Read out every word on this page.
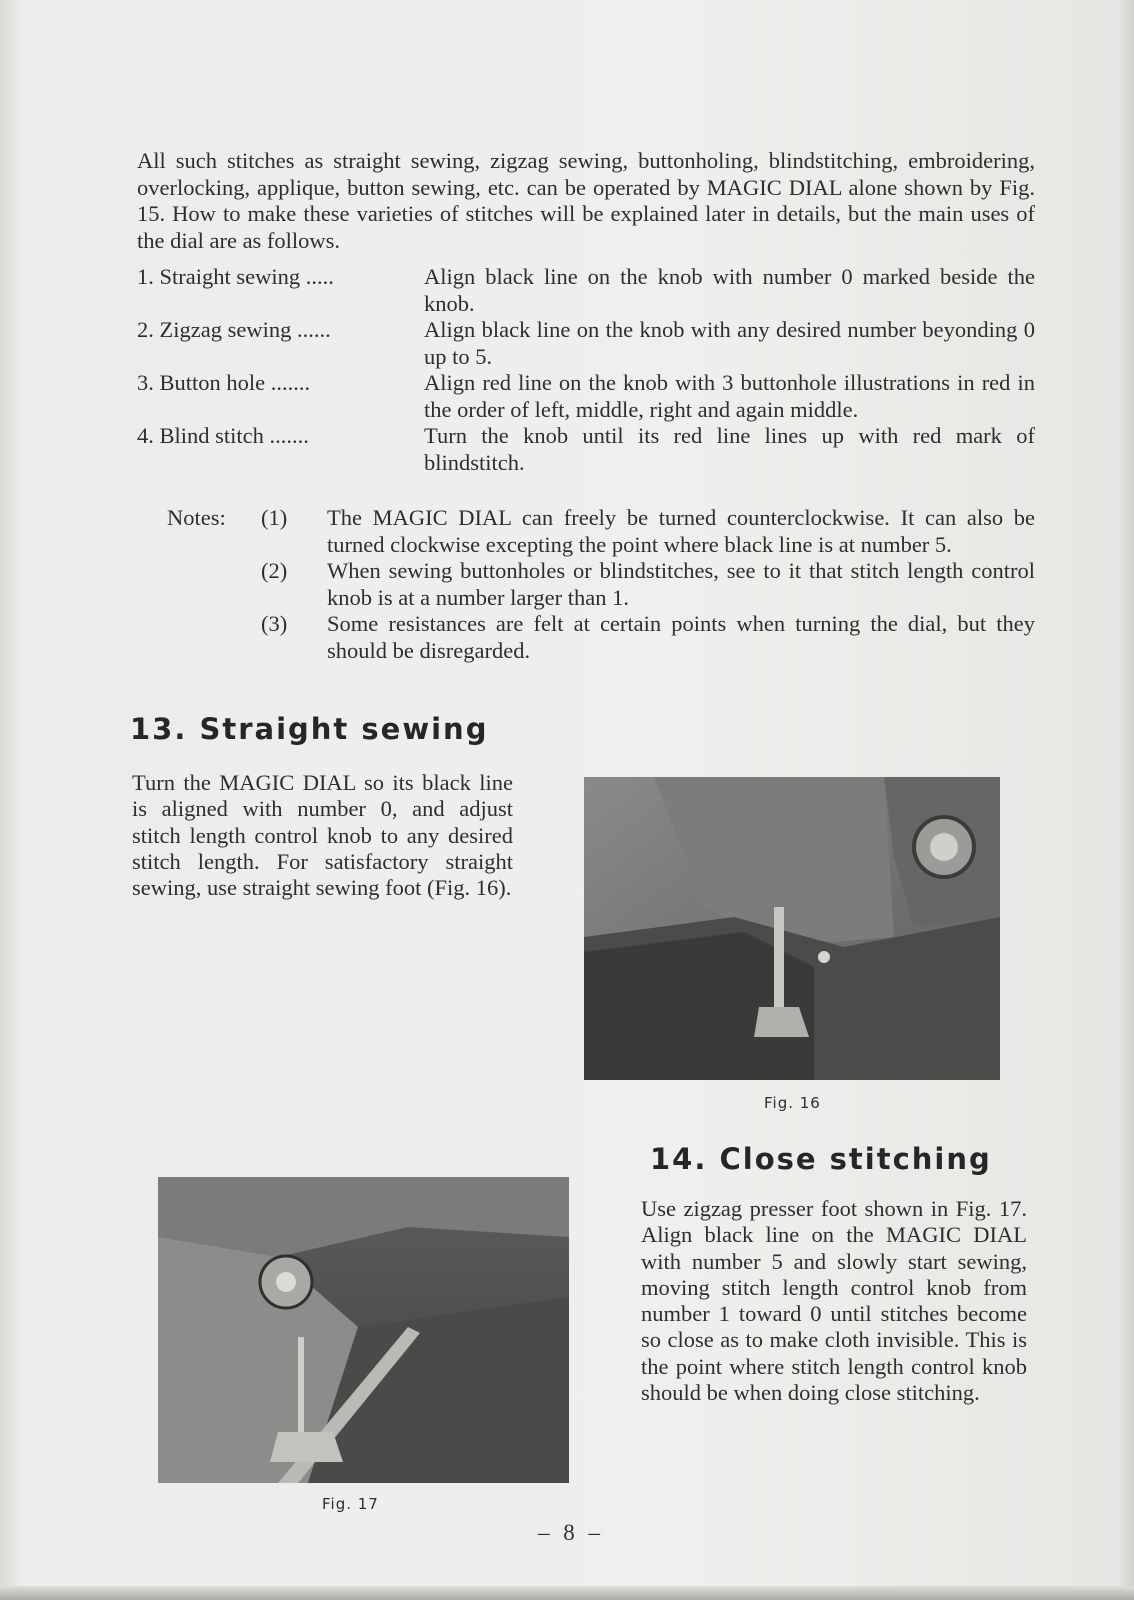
All such stitches as straight sewing, zigzag sewing, buttonholing, blindstitching, embroidering, overlocking, applique, button sewing, etc. can be operated by MAGIC DIAL alone shown by Fig. 15. How to make these varieties of stitches will be explained later in details, but the main uses of the dial are as follows.

1. Straight sewing .....	Align black line on the knob with number 0 marked beside the knob.
2. Zigzag sewing ......	Align black line on the knob with any desired number beyonding 0 up to 5.
3. Button hole .......	Align red line on the knob with 3 buttonhole illustrations in red in the order of left, middle, right and again middle.
4. Blind stitch .......	Turn the knob until its red line lines up with red mark of blindstitch.
Notes: (1) The MAGIC DIAL can freely be turned counterclockwise. It can also be turned clockwise excepting the point where black line is at number 5.
(2) When sewing buttonholes or blindstitches, see to it that stitch length control knob is at a number larger than 1.
(3) Some resistances are felt at certain points when turning the dial, but they should be disregarded.
13. Straight sewing
Turn the MAGIC DIAL so its black line is aligned with number 0, and adjust stitch length control knob to any desired stitch length. For satisfactory straight sewing, use straight sewing foot (Fig. 16).
Fig. 16
14. Close stitching
Use zigzag presser foot shown in Fig. 17. Align black line on the MAGIC DIAL with number 5 and slowly start sewing, moving stitch length control knob from number 1 toward 0 until stitches become so close as to make cloth invisible. This is the point where stitch length control knob should be when doing close stitching.
Fig. 17
– 8 –
